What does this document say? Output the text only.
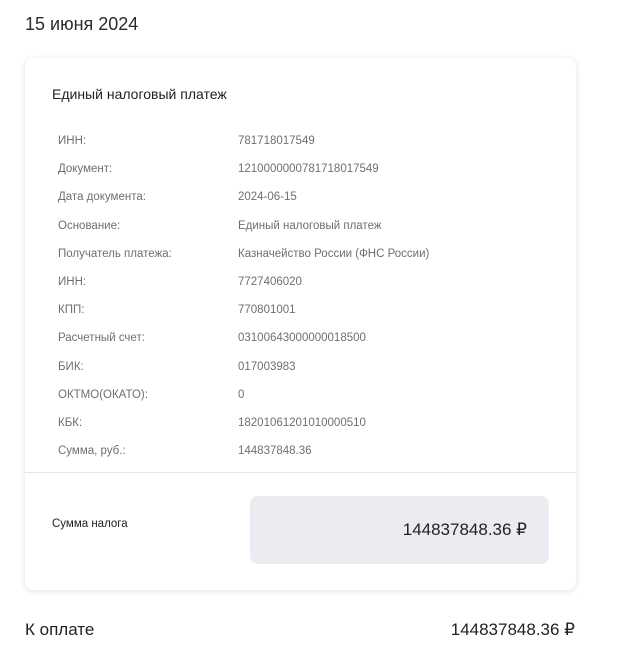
15 июня 2024
Единый налоговый платеж
ИНН:	781718017549
Документ:	1210000000781718017549
Дата документа:	2024-06-15
Основание:	Единый налоговый платеж
Получатель платежа:	Казначейство России (ФНС России)
ИНН:	7727406020
КПП:	770801001
Расчетный счет:	03100643000000018500
БИК:	017003983
ОКТМО(ОКАТО):	0
КБК:	18201061201010000510
Сумма, руб.:	144837848.36
Сумма налога	144837848.36 ₽
К оплате	144837848.36 ₽
